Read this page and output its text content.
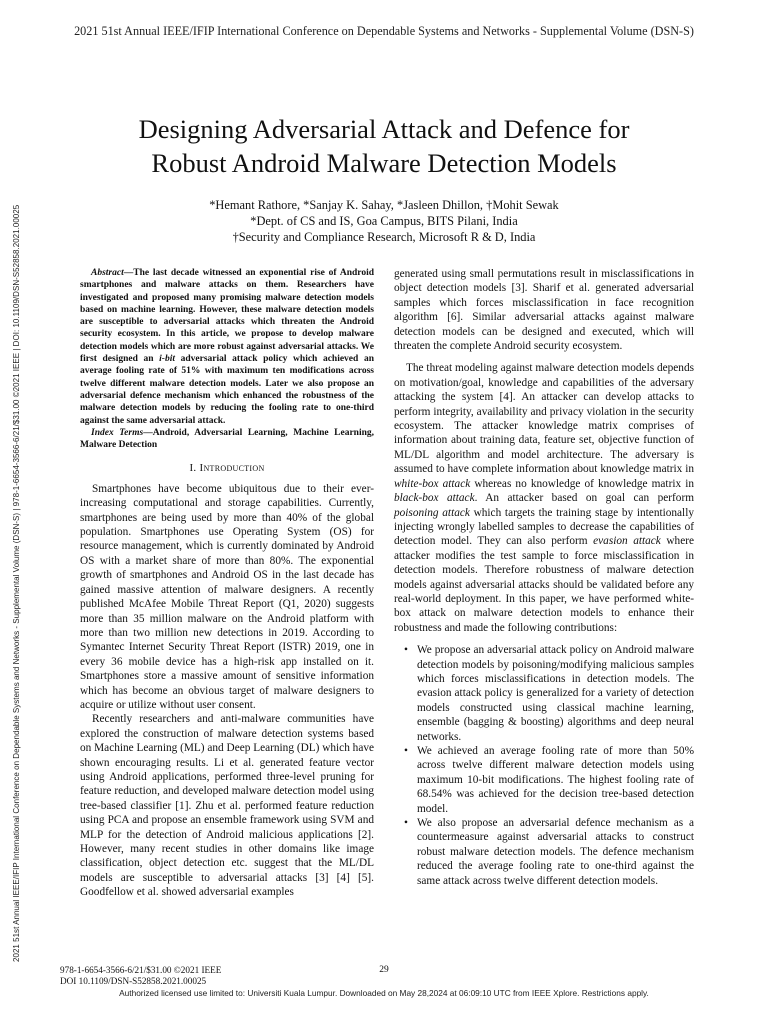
2021 51st Annual IEEE/IFIP International Conference on Dependable Systems and Networks - Supplemental Volume (DSN-S)
2021 51st Annual IEEE/IFIP International Conference on Dependable Systems and Networks - Supplemental Volume (DSN-S) | 978-1-6654-3566-6/21/$31.00 ©2021 IEEE | DOI: 10.1109/DSN-S52858.2021.00025
Designing Adversarial Attack and Defence for
Robust Android Malware Detection Models
*Hemant Rathore, *Sanjay K. Sahay, *Jasleen Dhillon, †Mohit Sewak
*Dept. of CS and IS, Goa Campus, BITS Pilani, India
†Security and Compliance Research, Microsoft R & D, India

Abstract—The last decade witnessed an exponential rise of Android smartphones and malware attacks on them. Researchers have investigated and proposed many promising malware detection models based on machine learning. However, these malware detection models are susceptible to adversarial attacks which threaten the Android security ecosystem. In this article, we propose to develop malware detection models which are more robust against adversarial attacks. We first designed an i-bit adversarial attack policy which achieved an average fooling rate of 51% with maximum ten modifications across twelve different malware detection models. Later we also propose an adversarial defence mechanism which enhanced the robustness of the malware detection models by reducing the fooling rate to one-third against the same adversarial attack.

Index Terms—Android, Adversarial Learning, Machine Learning, Malware Detection

I. Introduction

Smartphones have become ubiquitous due to their ever-increasing computational and storage capabilities. Currently, smartphones are being used by more than 40% of the global population. Smartphones use Operating System (OS) for resource management, which is currently dominated by Android OS with a market share of more than 80%. The exponential growth of smartphones and Android OS in the last decade has gained massive attention of malware designers. A recently published McAfee Mobile Threat Report (Q1, 2020) suggests more than 35 million malware on the Android platform with more than two million new detections in 2019. According to Symantec Internet Security Threat Report (ISTR) 2019, one in every 36 mobile device has a high-risk app installed on it. Smartphones store a massive amount of sensitive information which has become an obvious target of malware designers to acquire or utilize without user consent.

Recently researchers and anti-malware communities have explored the construction of malware detection systems based on Machine Learning (ML) and Deep Learning (DL) which have shown encouraging results. Li et al. generated feature vector using Android applications, performed three-level pruning for feature reduction, and developed malware detection model using tree-based classifier [1]. Zhu et al. performed feature reduction using PCA and propose an ensemble framework using SVM and MLP for the detection of Android malicious applications [2]. However, many recent studies in other domains like image classification, object detection etc. suggest that the ML/DL models are susceptible to adversarial attacks [3] [4] [5]. Goodfellow et al. showed adversarial examples

generated using small permutations result in misclassifications in object detection models [3]. Sharif et al. generated adversarial samples which forces misclassification in face recognition algorithm [6]. Similar adversarial attacks against malware detection models can be designed and executed, which will threaten the complete Android security ecosystem.

The threat modeling against malware detection models depends on motivation/goal, knowledge and capabilities of the adversary attacking the system [4]. An attacker can develop attacks to perform integrity, availability and privacy violation in the security ecosystem. The attacker knowledge matrix comprises of information about training data, feature set, objective function of ML/DL algorithm and model architecture. The adversary is assumed to have complete information about knowledge matrix in white-box attack whereas no knowledge of knowledge matrix in black-box attack. An attacker based on goal can perform poisoning attack which targets the training stage by intentionally injecting wrongly labelled samples to decrease the capabilities of detection model. They can also perform evasion attack where attacker modifies the test sample to force misclassification in detection models. Therefore robustness of malware detection models against adversarial attacks should be validated before any real-world deployment. In this paper, we have performed white-box attack on malware detection models to enhance their robustness and made the following contributions:

• We propose an adversarial attack policy on Android malware detection models by poisoning/modifying malicious samples which forces misclassifications in detection models. The evasion attack policy is generalized for a variety of detection models constructed using classical machine learning, ensemble (bagging & boosting) algorithms and deep neural networks.
• We achieved an average fooling rate of more than 50% across twelve different malware detection models using maximum 10-bit modifications. The highest fooling rate of 68.54% was achieved for the decision tree-based detection model.
• We also propose an adversarial defence mechanism as a countermeasure against adversarial attacks to construct robust malware detection models. The defence mechanism reduced the average fooling rate to one-third against the same attack across twelve different detection models.
978-1-6654-3566-6/21/$31.00 ©2021 IEEE
DOI 10.1109/DSN-S52858.2021.00025
29
Authorized licensed use limited to: Universiti Kuala Lumpur. Downloaded on May 28,2024 at 06:09:10 UTC from IEEE Xplore. Restrictions apply.
